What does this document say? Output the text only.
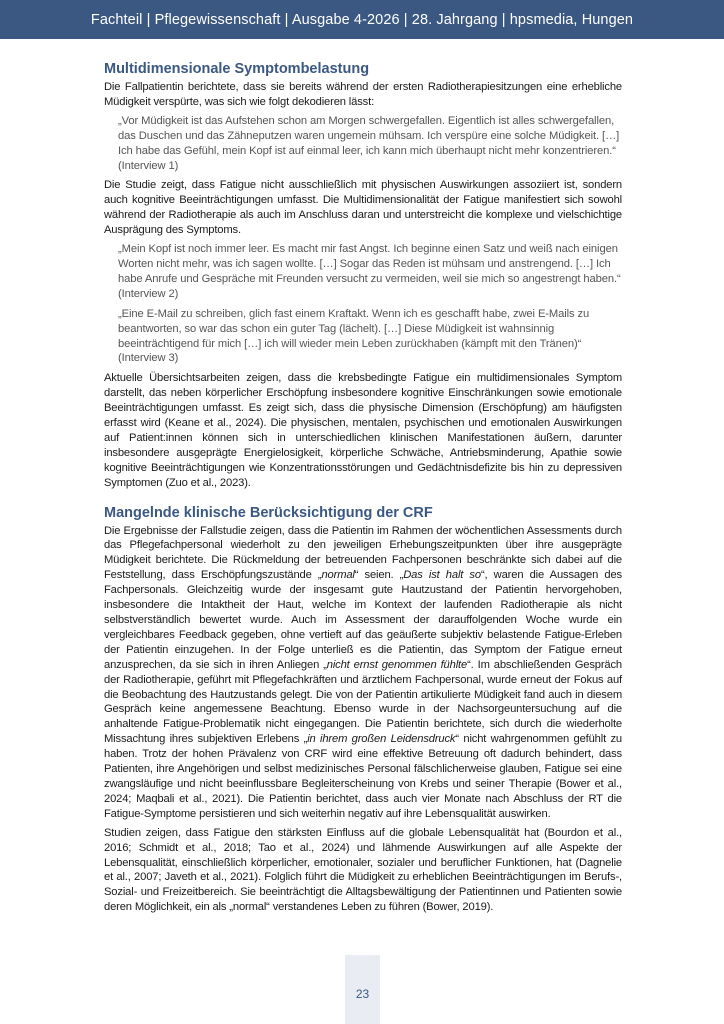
Fachteil | Pflegewissenschaft | Ausgabe 4-2026 | 28. Jahrgang | hpsmedia, Hungen
Multidimensionale Symptombelastung

Die Fallpatientin berichtete, dass sie bereits während der ersten Radiotherapiesitzungen eine erhebliche Müdigkeit verspürte, was sich wie folgt dekodieren lässt:

„Vor Müdigkeit ist das Aufstehen schon am Morgen schwergefallen. Eigentlich ist alles schwergefallen, das Duschen und das Zähneputzen waren ungemein mühsam. Ich verspüre eine solche Müdigkeit. […] Ich habe das Gefühl, mein Kopf ist auf einmal leer, ich kann mich überhaupt nicht mehr konzentrieren.“ (Interview 1)

Die Studie zeigt, dass Fatigue nicht ausschließlich mit physischen Auswirkungen assoziiert ist, sondern auch kognitive Beeinträchtigungen umfasst. Die Multidimensionalität der Fatigue manifestiert sich sowohl während der Radiotherapie als auch im Anschluss daran und unterstreicht die komplexe und vielschichtige Ausprägung des Symptoms.

„Mein Kopf ist noch immer leer. Es macht mir fast Angst. Ich beginne einen Satz und weiß nach einigen Worten nicht mehr, was ich sagen wollte. […] Sogar das Reden ist mühsam und anstrengend. […] Ich habe Anrufe und Gespräche mit Freunden versucht zu vermeiden, weil sie mich so angestrengt haben.“ (Interview 2)

„Eine E-Mail zu schreiben, glich fast einem Kraftakt. Wenn ich es geschafft habe, zwei E-Mails zu beantworten, so war das schon ein guter Tag (lächelt). […] Diese Müdigkeit ist wahnsinnig beeinträchtigend für mich […] ich will wieder mein Leben zurückhaben (kämpft mit den Tränen)“ (Interview 3)

Aktuelle Übersichtsarbeiten zeigen, dass die krebsbedingte Fatigue ein multidimensionales Symptom darstellt, das neben körperlicher Erschöpfung insbesondere kognitive Einschränkungen sowie emotionale Beeinträchtigungen umfasst. Es zeigt sich, dass die physische Dimension (Erschöpfung) am häufigsten erfasst wird (Keane et al., 2024). Die physischen, mentalen, psychischen und emotionalen Auswirkungen auf Patient:innen können sich in unterschiedlichen klinischen Manifestationen äußern, darunter insbesondere ausgeprägte Energielosigkeit, körperliche Schwäche, Antriebsminderung, Apathie sowie kognitive Beeinträchtigungen wie Konzentrationsstörungen und Gedächtnisdefizite bis hin zu depressiven Symptomen (Zuo et al., 2023).

Mangelnde klinische Berücksichtigung der CRF

Die Ergebnisse der Fallstudie zeigen, dass die Patientin im Rahmen der wöchentlichen Assessments durch das Pflegefachpersonal wiederholt zu den jeweiligen Erhebungszeitpunkten über ihre ausgeprägte Müdigkeit berichtete. Die Rückmeldung der betreuenden Fachpersonen beschränkte sich dabei auf die Feststellung, dass Erschöpfungszustände „normal“ seien. „Das ist halt so“, waren die Aussagen des Fachpersonals. Gleichzeitig wurde der insgesamt gute Hautzustand der Patientin hervorgehoben, insbesondere die Intaktheit der Haut, welche im Kontext der laufenden Radiotherapie als nicht selbstverständlich bewertet wurde. Auch im Assessment der darauffolgenden Woche wurde ein vergleichbares Feedback gegeben, ohne vertieft auf das geäußerte subjektiv belastende Fatigue-Erleben der Patientin einzugehen. In der Folge unterließ es die Patientin, das Symptom der Fatigue erneut anzusprechen, da sie sich in ihren Anliegen „nicht ernst genommen fühlte“. Im abschließenden Gespräch der Radiotherapie, geführt mit Pflegefachkräften und ärztlichem Fachpersonal, wurde erneut der Fokus auf die Beobachtung des Hautzustands gelegt. Die von der Patientin artikulierte Müdigkeit fand auch in diesem Gespräch keine angemessene Beachtung. Ebenso wurde in der Nachsorgeuntersuchung auf die anhaltende Fatigue-Problematik nicht eingegangen. Die Patientin berichtete, sich durch die wiederholte Missachtung ihres subjektiven Erlebens „in ihrem großen Leidensdruck“ nicht wahrgenommen gefühlt zu haben. Trotz der hohen Prävalenz von CRF wird eine effektive Betreuung oft dadurch behindert, dass Patienten, ihre Angehörigen und selbst medizinisches Personal fälschlicherweise glauben, Fatigue sei eine zwangsläufige und nicht beeinflussbare Begleiterscheinung von Krebs und seiner Therapie (Bower et al., 2024; Maqbali et al., 2021). Die Patientin berichtet, dass auch vier Monate nach Abschluss der RT die Fatigue-Symptome persistieren und sich weiterhin negativ auf ihre Lebensqualität auswirken.

Studien zeigen, dass Fatigue den stärksten Einfluss auf die globale Lebensqualität hat (Bourdon et al., 2016; Schmidt et al., 2018; Tao et al., 2024) und lähmende Auswirkungen auf alle Aspekte der Lebensqualität, einschließlich körperlicher, emotionaler, sozialer und beruflicher Funktionen, hat (Dagnelie et al., 2007; Javeth et al., 2021). Folglich führt die Müdigkeit zu erheblichen Beeinträchtigungen im Berufs-, Sozial- und Freizeitbereich. Sie beeinträchtigt die Alltagsbewältigung der Patientinnen und Patienten sowie deren Möglichkeit, ein als „normal“ verstandenes Leben zu führen (Bower, 2019).

23
